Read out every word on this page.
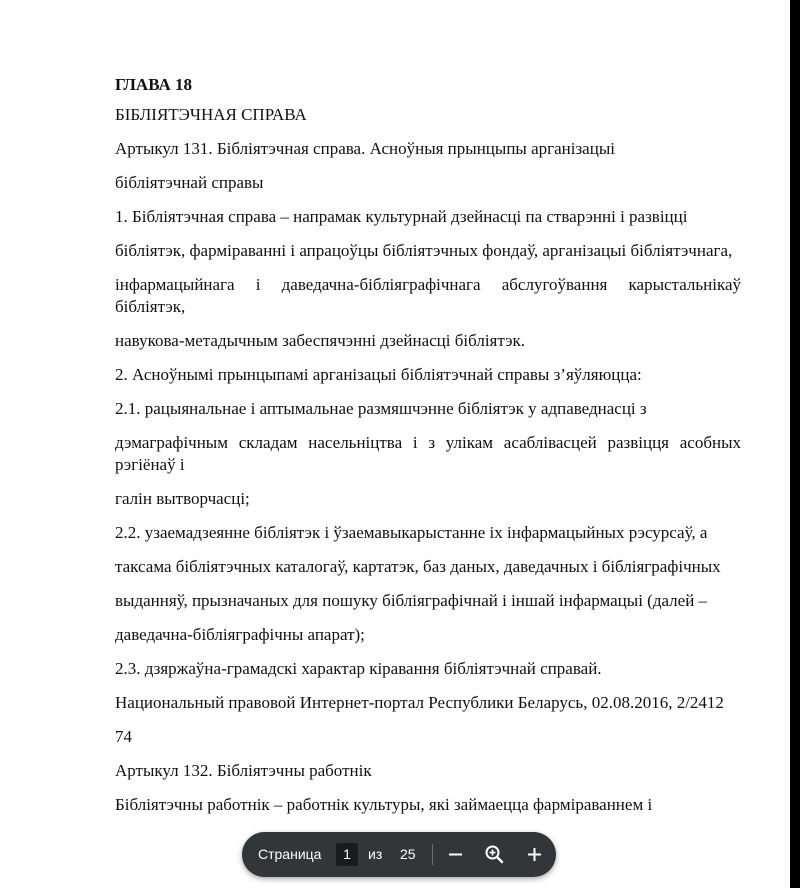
ГЛАВА 18

БІБЛІЯТЭЧНАЯ СПРАВА

Артыкул 131. Бібліятэчная справа. Асноўныя прынцыпы арганізацыі

бібліятэчнай справы

1. Бібліятэчная справа – напрамак культурнай дзейнасці па стварэнні і развіцці

бібліятэк, фарміраванні і апрацоўцы бібліятэчных фондаў, арганізацыі бібліятэчнага,

інфармацыйнага і даведачна-бібліяграфічнага абслугоўвання карыстальнікаў бібліятэк,

навукова-метадычным забеспячэнні дзейнасці бібліятэк.

2. Асноўнымі прынцыпамі арганізацыі бібліятэчнай справы з’яўляюцца:

2.1. рацыянальнае і аптымальнае размяшчэнне бібліятэк у адпаведнасці з

дэмаграфічным складам насельніцтва і з улікам асаблівасцей развіцця асобных рэгіёнаў і

галін вытворчасці;

2.2. узаемадзеянне бібліятэк і ўзаемавыкарыстанне іх інфармацыйных рэсурсаў, а

таксама бібліятэчных каталогаў, картатэк, баз даных, даведачных і бібліяграфічных

выданняў, прызначаных для пошуку бібліяграфічнай і іншай інфармацыі (далей –

даведачна-бібліяграфічны апарат);

2.3. дзяржаўна-грамадскі характар кіравання бібліятэчнай справай.

Национальный правовой Интернет-портал Республики Беларусь, 02.08.2016, 2/2412

74

Артыкул 132. Бібліятэчны работнік

Бібліятэчны работнік – работнік культуры, які займаецца фарміраваннем і

Страница	1	из 25
